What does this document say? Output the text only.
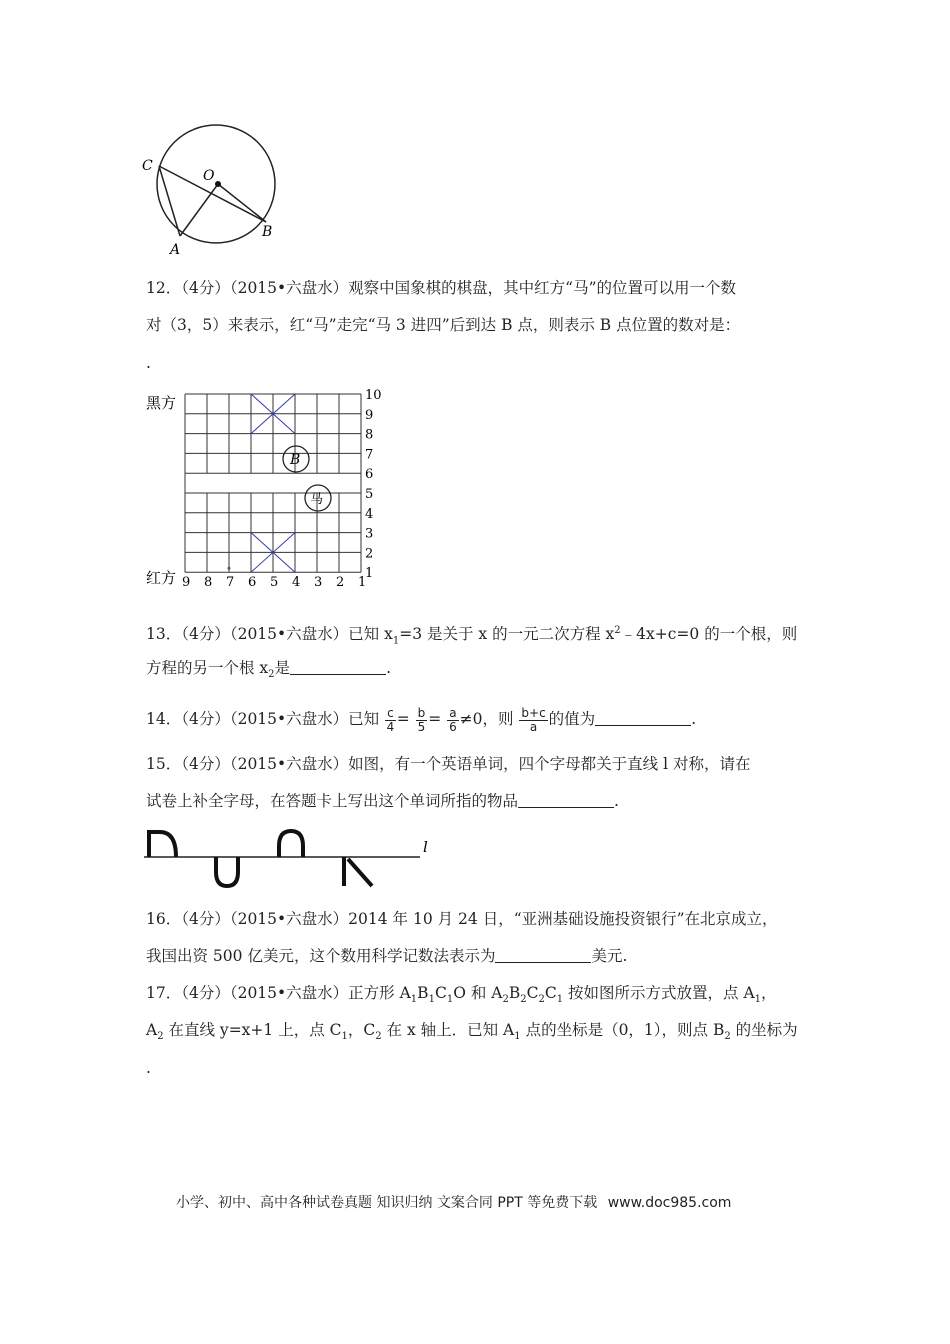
C
O
A
B
12．（4分）（2015•六盘水）观察中国象棋的棋盘，其中红方“马”的位置可以用一个数
对（3，5）来表示，红“马”走完“马 3 进四”后到达 B 点，则表示 B 点位置的数对是：
.
黑方
红方
10
9
8
7
6
5
4
3
2
1
9 8 7 6 5 4 3 2 1
B
马
13．（4分）（2015•六盘水）已知 $x_1=3$ 是关于 x 的一元二次方程 $x^2﹣4x+c=0$ 的一个根，则
方程的另一个根 $x_2$是	.
14．（4分）（2015•六盘水）已知 $\frac{c}{4} = \frac{b}{5} = \frac{a}{6} \ne 0$，则 $\frac{b+c}{a}$ 的值为	.
15．（4分）（2015•六盘水）如图，有一个英语单词，四个字母都关于直线 l 对称，请在
试卷上补全字母，在答题卡上写出这个单词所指的物品	.
l
16．（4分）（2015•六盘水）2014 年 10 月 24 日，“亚洲基础设施投资银行”在北京成立，
我国出资 500 亿美元，这个数用科学记数法表示为	美元.
17．（4分）（2015•六盘水）正方形 $A_1B_1C_1O$ 和 $A_2B_2C_2C_1$ 按如图所示方式放置，点 $A_1$，
$A_2$ 在直线 y=x+1 上，点 $C_1$，$C_2$ 在 x 轴上．已知 $A_1$ 点的坐标是（0，1），则点 $B_2$ 的坐标为
.
小学、初中、高中各种试卷真题 知识归纳 文案合同 PPT 等免费下载 www.doc985.com
